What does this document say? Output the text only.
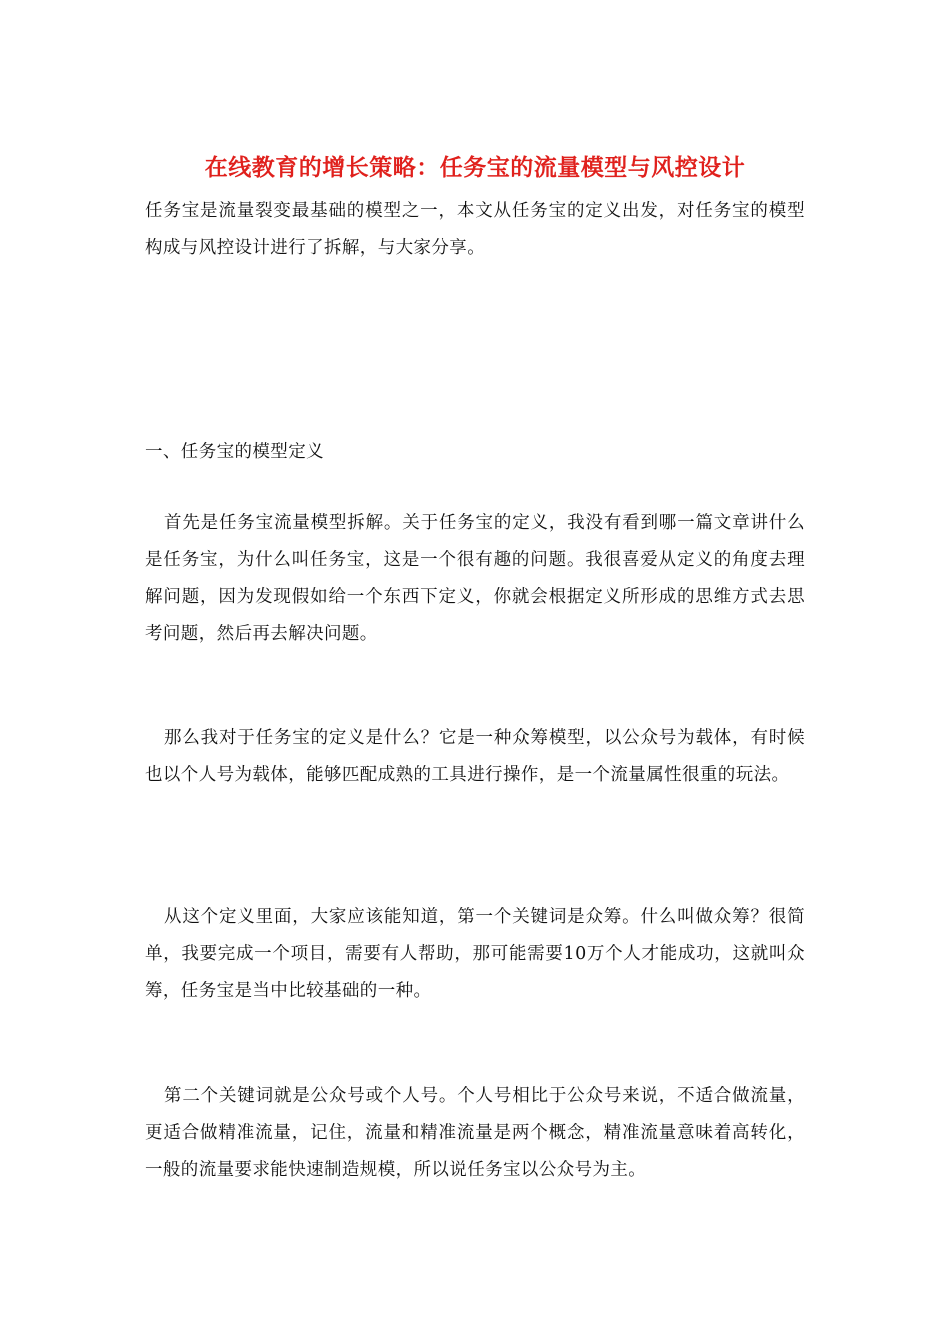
在线教育的增长策略：任务宝的流量模型与风控设计

任务宝是流量裂变最基础的模型之一，本文从任务宝的定义出发，对任务宝的模型构成与风控设计进行了拆解，与大家分享。

一、任务宝的模型定义

首先是任务宝流量模型拆解。关于任务宝的定义，我没有看到哪一篇文章讲什么是任务宝，为什么叫任务宝，这是一个很有趣的问题。我很喜爱从定义的角度去理解问题，因为发现假如给一个东西下定义，你就会根据定义所形成的思维方式去思考问题，然后再去解决问题。

那么我对于任务宝的定义是什么？它是一种众筹模型，以公众号为载体，有时候也以个人号为载体，能够匹配成熟的工具进行操作，是一个流量属性很重的玩法。

从这个定义里面，大家应该能知道，第一个关键词是众筹。什么叫做众筹？很简单，我要完成一个项目，需要有人帮助，那可能需要10万个人才能成功，这就叫众筹，任务宝是当中比较基础的一种。

第二个关键词就是公众号或个人号。个人号相比于公众号来说，不适合做流量，更适合做精准流量，记住，流量和精准流量是两个概念，精准流量意味着高转化，一般的流量要求能快速制造规模，所以说任务宝以公众号为主。
